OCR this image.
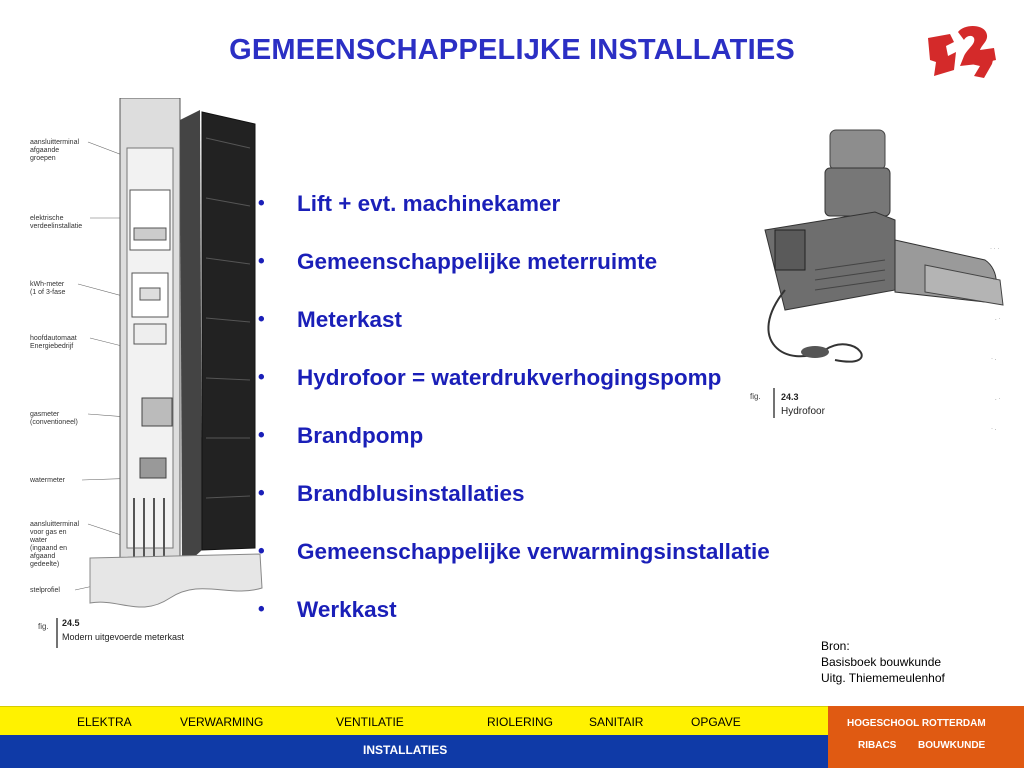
GEMEENSCHAPPELIJKE INSTALLATIES
aansluitterminal
afgaande
groepen
elektrische
verdeelinstallatie
kWh-meter
(1 of 3-fase
hoofdautomaat
Energiebedrijf
gasmeter
(conventioneel)
watermeter
aansluitterminal
voor gas en
water
(ingaand en
afgaand
gedeelte)
stelprofiel
fig. 24.5
Modern uitgevoerde meterkast
· · ·
. .
. ·
· .
. ·
· .
fig. 24.3
Hydrofoor
• Lift + evt. machinekamer
• Gemeenschappelijke meterruimte
• Meterkast
• Hydrofoor = waterdrukverhogingspomp
• Brandpomp
• Brandblusinstallaties
• Gemeenschappelijke verwarmingsinstallatie
• Werkkast
Bron:
Basisboek bouwkunde
Uitg. Thiememeulenhof
ELEKTRA	VERWARMING	VENTILATIE	RIOLERING	SANITAIR	OPGAVE
INSTALLATIES
HOGESCHOOL ROTTERDAM
RIBACS BOUWKUNDE
